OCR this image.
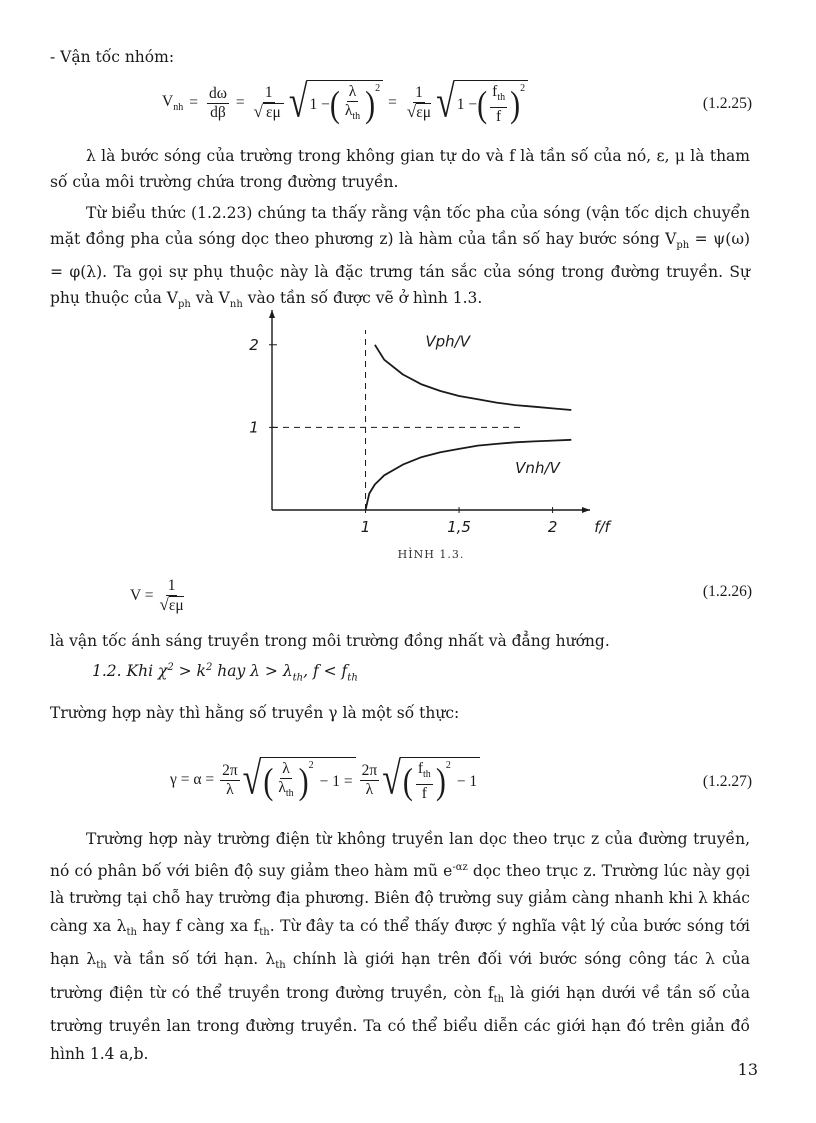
- Vận tốc nhóm:

$V_{nh} = \frac{d\omega}{d\beta} = \frac{1}{√ \varepsilon\mu}$ √ 1 − ( $\frac{\lambda}{\lambda_{th}} )^2$
= $\frac{1}{√\varepsilon\mu}$ √ 1 − ( $\frac{f_{th}}{f} )^2$
(1.2.25)

λ là bước sóng của trường trong không gian tự do và f là tần số của nó, ε, μ là tham số của môi trường chứa trong đường truyền.

Từ biểu thức (1.2.23) chúng ta thấy rằng vận tốc pha của sóng (vận tốc dịch chuyển mặt đồng pha của sóng dọc theo phương z) là hàm của tần số hay bước sóng $V_{ph} = \psi(\omega) = \varphi(\lambda)$. Ta gọi sự phụ thuộc này là đặc trưng tán sắc của sóng trong đường truyền. Sự phụ thuộc của $V_{ph}$ và $V_{nh}$ vào tần số được vẽ ở hình 1.3.

1	1,5	2
1
2
f/f
Vph/V
Vnh/V
HÌNH 1.3.
$V = \frac{1}{√\varepsilon\mu}$	(1.2.26)

là vận tốc ánh sáng truyền trong môi trường đồng nhất và đẳng hướng.

1.2. Khi $\chi^2 > k^2$ hay $\lambda > \lambda_{th}$, $f < f_{th}$

Trường hợp này thì hằng số truyền γ là một số thực:

$\gamma = \alpha = \frac{2\pi}{\lambda}$ √ ( $\frac{\lambda}{\lambda_{th}} )^2$
− $1 = \frac{2\pi}{\lambda}$ √ ( $\frac{f_{th}}{f} )^2$
− 1	(1.2.27)

Trường hợp này trường điện từ không truyền lan dọc theo trục z của đường truyền, nó có phân bố với biên độ suy giảm theo hàm mũ $e^{-\alpha z}$ dọc theo trục z. Trường lúc này gọi là trường tại chỗ hay trường địa phương. Biên độ trường suy giảm càng nhanh khi λ khác càng xa $\lambda_{th}$ hay f càng xa $f_{th}$. Từ đây ta có thể thấy được ý nghĩa vật lý của bước sóng tới hạn $\lambda_{th}$ và tần số tới hạn. $\lambda_{th}$ chính là giới hạn trên đối với bước sóng công tác λ của trường điện từ có thể truyền trong đường truyền, còn $f_{th}$ là giới hạn dưới về tần số của trường truyền lan trong đường truyền. Ta có thể biểu diễn các giới hạn đó trên giản đồ hình 1.4 a,b.

13
